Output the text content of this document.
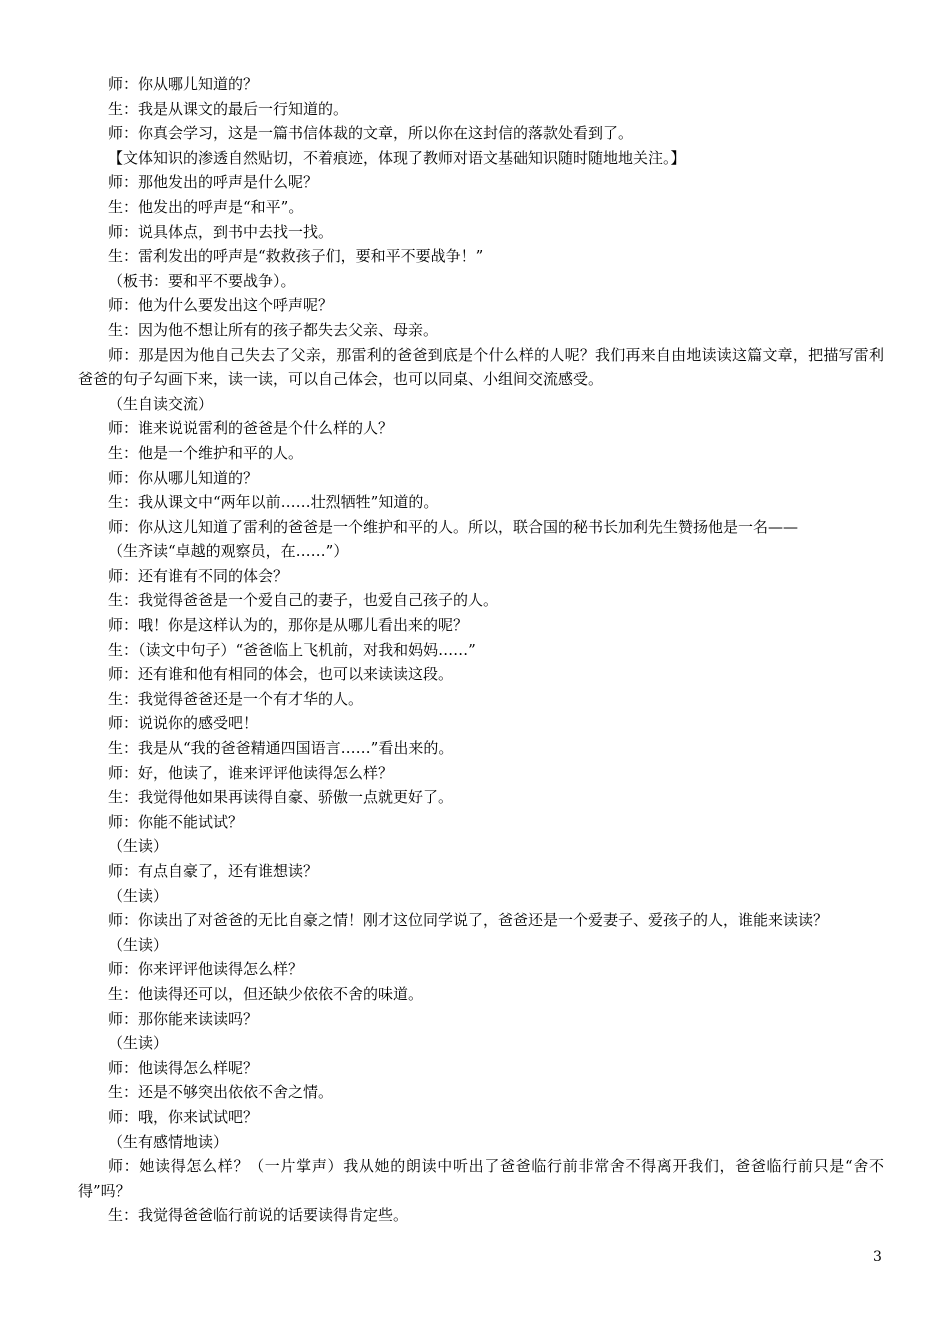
师：你从哪儿知道的？

生：我是从课文的最后一行知道的。

师：你真会学习，这是一篇书信体裁的文章，所以你在这封信的落款处看到了。

【文体知识的渗透自然贴切，不着痕迹，体现了教师对语文基础知识随时随地地关注。】

师：那他发出的呼声是什么呢？

生：他发出的呼声是“和平”。

师：说具体点，到书中去找一找。

生：雷利发出的呼声是“救救孩子们，要和平不要战争！”

（板书：要和平不要战争）。

师：他为什么要发出这个呼声呢？

生：因为他不想让所有的孩子都失去父亲、母亲。

师：那是因为他自己失去了父亲，那雷利的爸爸到底是个什么样的人呢？我们再来自由地读读这篇文章，把描写雷利爸爸的句子勾画下来，读一读，可以自己体会，也可以同桌、小组间交流感受。

（生自读交流）

师：谁来说说雷利的爸爸是个什么样的人？

生：他是一个维护和平的人。

师：你从哪儿知道的？

生：我从课文中“两年以前……壮烈牺牲”知道的。

师：你从这儿知道了雷利的爸爸是一个维护和平的人。所以，联合国的秘书长加利先生赞扬他是一名——

（生齐读“卓越的观察员，在……”）

师：还有谁有不同的体会？

生：我觉得爸爸是一个爱自己的妻子，也爱自己孩子的人。

师：哦！你是这样认为的，那你是从哪儿看出来的呢？

生：（读文中句子）“爸爸临上飞机前，对我和妈妈……”

师：还有谁和他有相同的体会，也可以来读读这段。

生：我觉得爸爸还是一个有才华的人。

师：说说你的感受吧！

生：我是从“我的爸爸精通四国语言……”看出来的。

师：好，他读了，谁来评评他读得怎么样？

生：我觉得他如果再读得自豪、骄傲一点就更好了。

师：你能不能试试？

（生读）

师：有点自豪了，还有谁想读？

（生读）

师：你读出了对爸爸的无比自豪之情！刚才这位同学说了，爸爸还是一个爱妻子、爱孩子的人，谁能来读读？

（生读）

师：你来评评他读得怎么样？

生：他读得还可以，但还缺少依依不舍的味道。

师：那你能来读读吗？

（生读）

师：他读得怎么样呢？

生：还是不够突出依依不舍之情。

师：哦，你来试试吧？

（生有感情地读）

师：她读得怎么样？（一片掌声）我从她的朗读中听出了爸爸临行前非常舍不得离开我们，爸爸临行前只是“舍不得”吗？

生：我觉得爸爸临行前说的话要读得肯定些。

3
